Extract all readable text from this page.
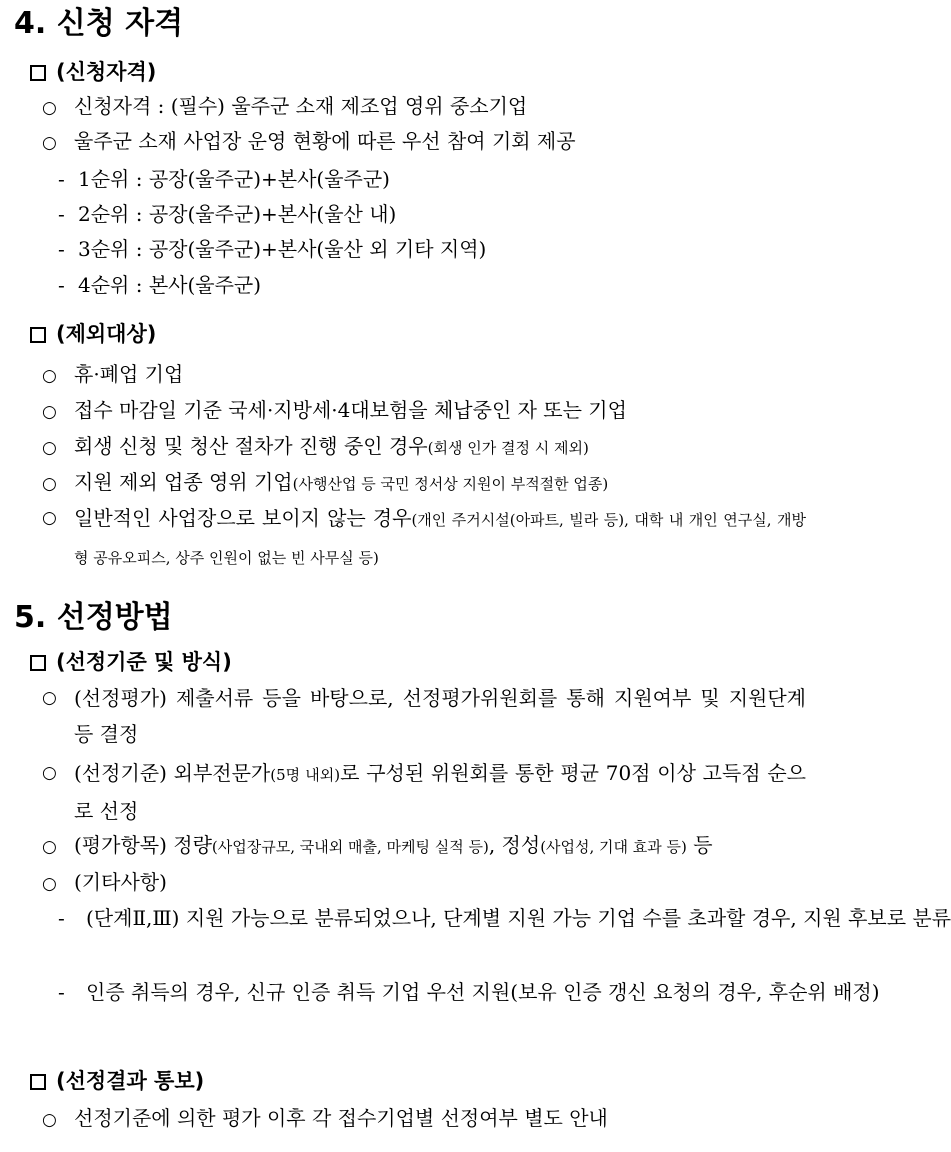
4. 신청 자격
(신청자격)
○ 신청자격 : (필수) 울주군 소재 제조업 영위 중소기업
○ 울주군 소재 사업장 운영 현황에 따른 우선 참여 기회 제공
- 1순위 : 공장(울주군)+본사(울주군)
- 2순위 : 공장(울주군)+본사(울산 내)
- 3순위 : 공장(울주군)+본사(울산 외 기타 지역)
- 4순위 : 본사(울주군)
(제외대상)
○ 휴·폐업 기업
○ 접수 마감일 기준 국세·지방세·4대보험을 체납중인 자 또는 기업
○ 회생 신청 및 청산 절차가 진행 중인 경우(회생 인가 결정 시 제외)
○ 지원 제외 업종 영위 기업(사행산업 등 국민 정서상 지원이 부적절한 업종)
○ 일반적인 사업장으로 보이지 않는 경우(개인 주거시설(아파트, 빌라 등), 대학 내 개인 연구실, 개방형 공유오피스, 상주 인원이 없는 빈 사무실 등)
5. 선정방법
(선정기준 및 방식)
○ (선정평가) 제출서류 등을 바탕으로, 선정평가위원회를 통해 지원여부 및 지원단계 등 결정
○ (선정기준) 외부전문가(5명 내외)로 구성된 위원회를 통한 평균 70점 이상 고득점 순으로 선정
○ (평가항목) 정량(사업장규모, 국내외 매출, 마케팅 실적 등), 정성(사업성, 기대 효과 등) 등
○ (기타사항)
-	(단계Ⅱ,Ⅲ) 지원 가능으로 분류되었으나, 단계별 지원 가능 기업 수를 초과할 경우, 지원 후보로 분류
-	인증 취득의 경우, 신규 인증 취득 기업 우선 지원(보유 인증 갱신 요청의 경우, 후순위 배정)
(선정결과 통보)
○ 선정기준에 의한 평가 이후 각 접수기업별 선정여부 별도 안내
